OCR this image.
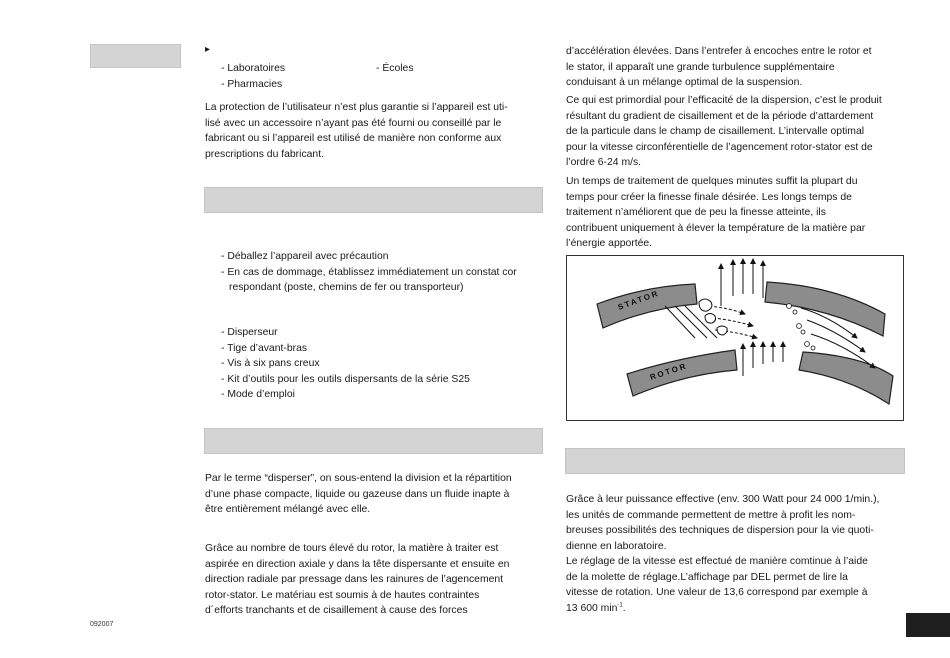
▸
- Laboratoires
- Pharmacies
- Écoles
La protection de l’utilisateur n’est plus garantie si l’appareil est uti-
lisé avec un accessoire n’ayant pas été fourni ou conseillé par le
fabricant ou si l’appareil est utilisé de manière non conforme aux
prescriptions du fabricant.
- Déballez l’appareil avec précaution
- En cas de dommage, établissez immédiatement un constat cor
respondant (poste, chemins de fer ou transporteur)
- Disperseur
- Tige d’avant-bras
- Vis à six pans creux
- Kit d’outils pour les outils dispersants de la série S25
- Mode d’emploi
Par le terme “disperser”, on sous-entend la division et la répartition
d’une phase compacte, liquide ou gazeuse dans un fluide inapte à
être entièrement mélangé avec elle.
Grâce au nombre de tours élevé du rotor, la matière à traiter est
aspirée en direction axiale y dans la tête dispersante et ensuite en
direction radiale par pressage dans les rainures de l’agencement
rotor-stator. Le matériau est soumis à de hautes contraintes
d´efforts tranchants et de cisaillement à cause des forces
092007
d’accélération élevées. Dans l’entrefer à encoches entre le rotor et
le stator, il apparaît une grande turbulence supplémentaire
conduisant à un mélange optimal de la suspension.
Ce qui est primordial pour l’efficacité de la dispersion, c’est le produit
résultant du gradient de cisaillement et de la période d’attardement
de la particule dans le champ de cisaillement. L’intervalle optimal
pour la vitesse circonférentielle de l’agencement rotor-stator est de
l’ordre 6-24 m/s.
Un temps de traitement de quelques minutes suffit la plupart du
temps pour créer la finesse finale désirée. Les longs temps de
traitement n’améliorent que de peu la finesse atteinte, ils
contribuent uniquement à élever la température de la matière par
l’énergie apportée.
STATOR
ROTOR
Grâce à leur puissance effective (env. 300 Watt pour 24 000 1/min.),
les unités de commande permettent de mettre à profit les nom-
breuses possibilités des techniques de dispersion pour la vie quoti-
dienne en laboratoire.
Le réglage de la vitesse est effectué de manière comtinue à l’aide
de la molette de réglage.L’affichage par DEL permet de lire la
vitesse de rotation. Une valeur de 13,6 correspond par exemple à
13 600 $\min^{-1}$.
